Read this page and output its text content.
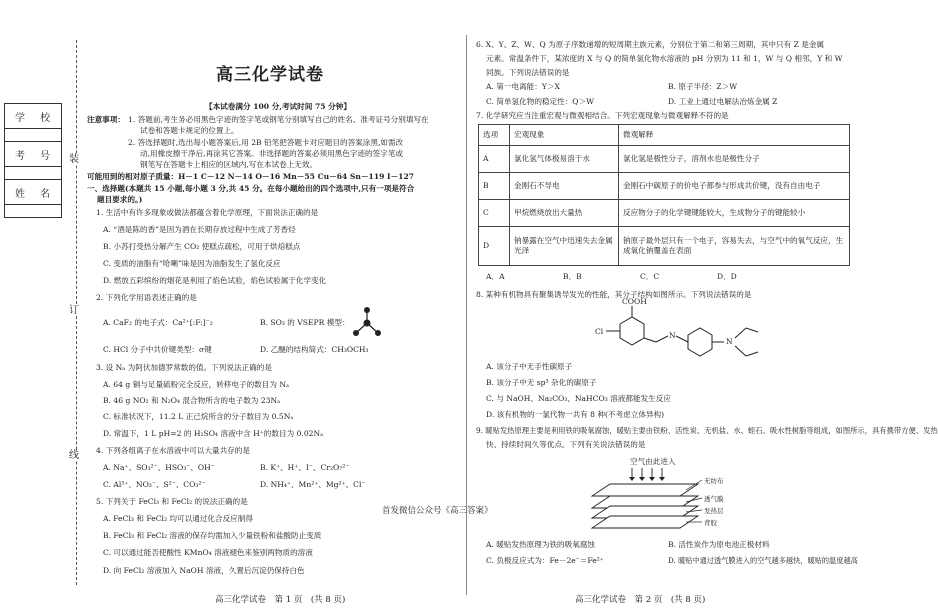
学 校
考 号
姓 名
装
订
线
高三化学试卷
【本试卷满分 100 分,考试时间 75 分钟】
注意事项： 1. 答题前,考生务必用黑色字迹的签字笔或钢笔分别填写自己的姓名、准考证号分别填写在
试卷和答题卡规定的位置上。
2. 答选择题时,选出每小题答案后,用 2B 铅笔把答题卡对应题目的答案涂黑,如需改
动,用橡皮擦干净后,再涂其它答案。非选择题的答案必须用黑色字迹的签字笔或
钢笔写在答题卡上相应的区域内,写在本试卷上无效。
可能用到的相对原子质量：H－1 C－12 N－14 O－16 Mn－55 Cu－64 Sn－119 I－127
一、选择题(本题共 15 小题,每小题 3 分,共 45 分。在每小题给出的四个选项中,只有一项是符合
题目要求的。)
1. 生活中有许多现象或做法都蕴含着化学原理，下面说法正确的是
A. “酒是陈的香”是因为酒在长期存放过程中生成了芳香烃
B. 小苏打受热分解产生 CO₂ 使糕点疏松，可用于烘焙糕点
C. 变质的油脂有“哈喇”味是因为油脂发生了氢化反应
D. 燃放五彩缤纷的烟花是利用了焰色试验，焰色试验属于化学变化
2. 下列化学用语表述正确的是
A. CaF₂ 的电子式：Ca²⁺[:F:]⁻₂	B. SO₃ 的 VSEPR 模型：
C. HCl 分子中共价键类型：σ键	D. 乙醚的结构简式：CH₃OCH₃
3. 设 Nₐ 为阿伏加德罗常数的值。下列说法正确的是
A. 64 g 铜与足量硫粉完全反应，转移电子的数目为 Nₐ
B. 46 g NO₂ 和 N₂O₄ 混合物所含的电子数为 23Nₐ
C. 标准状况下，11.2 L 正己烷所含的分子数目为 0.5Nₐ
D. 常温下，1 L pH=2 的 H₂SO₄ 溶液中含 H⁺的数目为 0.02Nₐ
4. 下列各组离子在水溶液中可以大量共存的是
A. Na⁺、SO₃²⁻、HSO₃⁻、OH⁻	B. K⁺、H⁺、I⁻、Cr₂O₇²⁻
C. Al³⁺、NO₃⁻、S²⁻、CO₃²⁻	D. NH₄⁺、Mn²⁺、Mg²⁺、Cl⁻
5. 下列关于 FeCl₃ 和 FeCl₂ 的说法正确的是
A. FeCl₃ 和 FeCl₂ 均可以通过化合反应制得
B. FeCl₃ 和 FeCl₂ 溶液的保存均需加入少量铁粉和盐酸防止变质
C. 可以通过能否使酸性 KMnO₄ 溶液褪色来鉴别两物质的溶液
D. 向 FeCl₂ 溶液加入 NaOH 溶液，久置后沉淀仍保持白色
高三化学试卷　第 1 页　(共 8 页)
首发微信公众号《高三答案》
6. X、Y、Z、W、Q 为原子序数递增的短周期主族元素，分别位于第二和第三周期，其中只有 Z 是金属
元素。常温条件下，某浓度的 X 与 Q 的简单氢化物水溶液的 pH 分别为 11 和 1，W 与 Q 相邻，Y 和 W
同族。下列说法错误的是
A. 第一电离能：Y＞X	B. 原子半径：Z＞W
C. 简单氢化物的稳定性：Q＞W	D. 工业上通过电解法冶炼金属 Z
7. 化学研究应当注重宏观与微观相结合。下列宏观现象与微观解释不符的是
选项	宏观现象	微观解释
A	氯化氢气体极易溶于水	氯化氢是极性分子，溶剂水也是极性分子
B	金刚石不导电	金刚石中碳原子的价电子都参与形成共价键，没有自由电子
C	甲烷燃烧放出大量热	反应物分子的化学键键能较大，生成物分子的键能较小
D	钠暴露在空气中迅速失去金属光泽	钠原子最外层只有一个电子，容易失去，与空气中的氧气反应，生成氧化钠覆盖在表面
A．A	B．B	C．C	D．D
8. 某种有机物具有聚集诱导发光的性能，其分子结构如图所示。下列说法错误的是
COOH
Cl	N
N
A. 该分子中无手性碳原子
B. 该分子中无 sp³ 杂化的碳原子
C. 与 NaOH、Na₂CO₃、NaHCO₃ 溶液都能发生反应
D. 该有机物的一氯代物一共有 8 种(不考虑立体异构)
9. 暖贴发热原理主要是利用铁的吸氧腐蚀，暖贴主要由铁粉、活性炭、无机盐、水、蛭石、吸水性树脂等组成，如图所示，具有携带方便、发热
快、持续时间久等优点。下列有关说法错误的是
空气由此进入
无纺布
透气膜
发热层
背胶
A. 暖贴发热原理为铁的吸氧腐蚀	B. 活性炭作为原电池正极材料
C. 负极反应式为：Fe－2e⁻＝Fe²⁺	D. 暖贴中通过透气膜进入的空气越多越快，暖贴的温度越高
高三化学试卷　第 2 页　(共 8 页)
